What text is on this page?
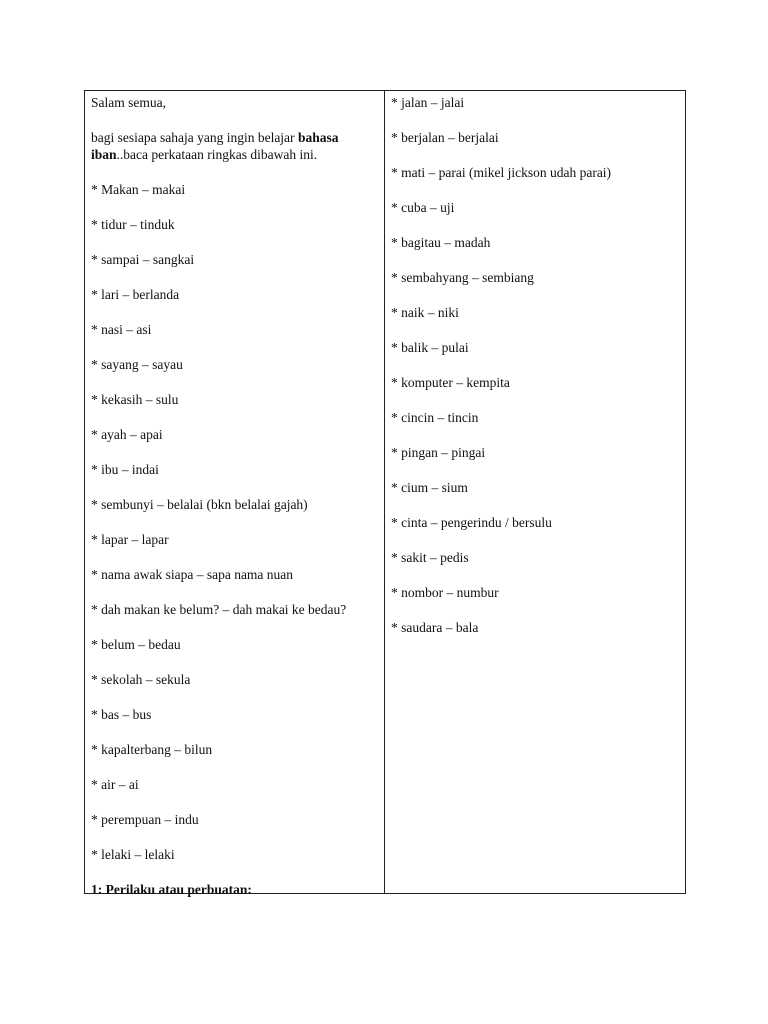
Salam semua,
bagi sesiapa sahaja yang ingin belajar bahasa iban..baca perkataan ringkas dibawah ini.
* Makan – makai
* tidur – tinduk
* sampai – sangkai
* lari – berlanda
* nasi – asi
* sayang – sayau
* kekasih – sulu
* ayah – apai
* ibu – indai
* sembunyi – belalai (bkn belalai gajah)
* lapar – lapar
* nama awak siapa – sapa nama nuan
* dah makan ke belum? – dah makai ke bedau?
* belum – bedau
* sekolah – sekula
* bas – bus
* kapalterbang – bilun
* air – ai
* perempuan – indu
* lelaki – lelaki
1: Perilaku atau perbuatan:
* jalan – jalai
* berjalan – berjalai
* mati – parai (mikel jickson udah parai)
* cuba – uji
* bagitau – madah
* sembahyang – sembiang
* naik – niki
* balik – pulai
* komputer – kempita
* cincin – tincin
* pingan – pingai
* cium – sium
* cinta – pengerindu / bersulu
* sakit – pedis
* nombor – numbur
* saudara – bala
